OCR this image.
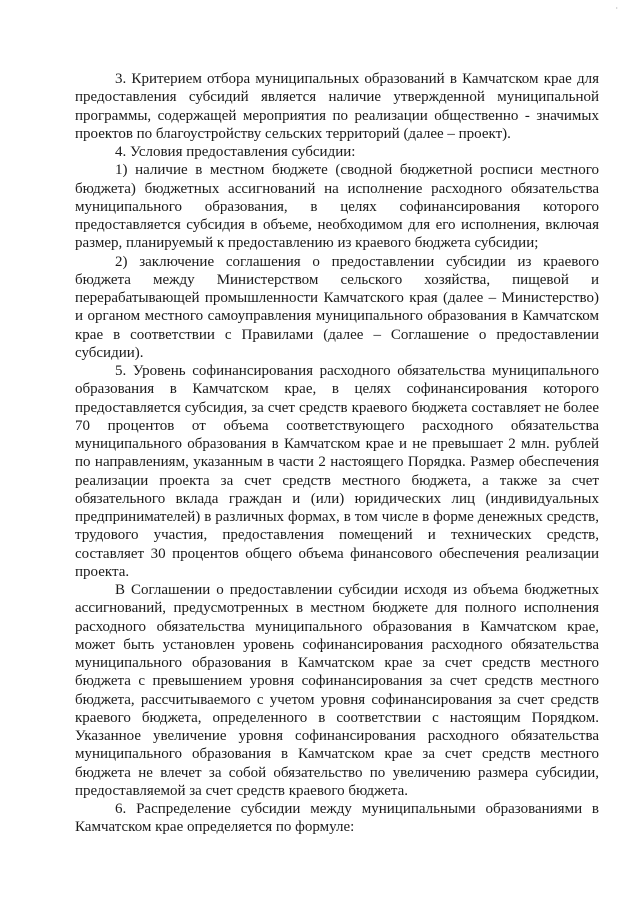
·

3. Критерием отбора муниципальных образований в Камчатском крае для предоставления субсидий является наличие утвержденной муниципальной программы, содержащей мероприятия по реализации общественно - значимых проектов по благоустройству сельских территорий (далее – проект).

4. Условия предоставления субсидии:

1) наличие в местном бюджете (сводной бюджетной росписи местного бюджета) бюджетных ассигнований на исполнение расходного обязательства муниципального образования, в целях софинансирования которого предоставляется субсидия в объеме, необходимом для его исполнения, включая размер, планируемый к предоставлению из краевого бюджета субсидии;

2) заключение соглашения о предоставлении субсидии из краевого бюджета между Министерством сельского хозяйства, пищевой и перерабатывающей промышленности Камчатского края (далее – Министерство) и органом местного самоуправления муниципального образования в Камчатском крае в соответствии с Правилами (далее – Соглашение о предоставлении субсидии).

5. Уровень софинансирования расходного обязательства муниципального образования в Камчатском крае, в целях софинансирования которого предоставляется субсидия, за счет средств краевого бюджета составляет не более 70 процентов от объема соответствующего расходного обязательства муниципального образования в Камчатском крае и не превышает 2 млн. рублей по направлениям, указанным в части 2 настоящего Порядка. Размер обеспечения реализации проекта за счет средств местного бюджета, а также за счет обязательного вклада граждан и (или) юридических лиц (индивидуальных предпринимателей) в различных формах, в том числе в форме денежных средств, трудового участия, предоставления помещений и технических средств, составляет 30 процентов общего объема финансового обеспечения реализации проекта.

В Соглашении о предоставлении субсидии исходя из объема бюджетных ассигнований, предусмотренных в местном бюджете для полного исполнения расходного обязательства муниципального образования в Камчатском крае, может быть установлен уровень софинансирования расходного обязательства муниципального образования в Камчатском крае за счет средств местного бюджета с превышением уровня софинансирования за счет средств местного бюджета, рассчитываемого с учетом уровня софинансирования за счет средств краевого бюджета, определенного в соответствии с настоящим Порядком. Указанное увеличение уровня софинансирования расходного обязательства муниципального образования в Камчатском крае за счет средств местного бюджета не влечет за собой обязательство по увеличению размера субсидии, предоставляемой за счет средств краевого бюджета.

6. Распределение субсидии между муниципальными образованиями в Камчатском крае определяется по формуле:
